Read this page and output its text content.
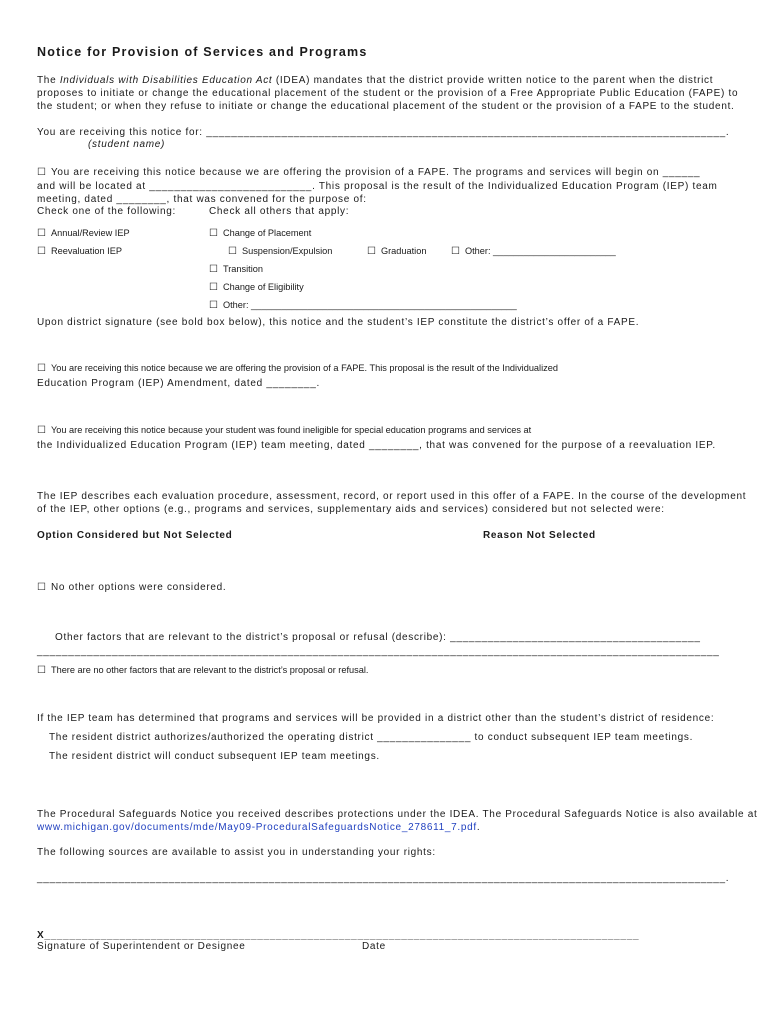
Notice for Provision of Services and Programs
The Individuals with Disabilities Education Act (IDEA) mandates that the district provide written notice to the parent when the district
proposes to initiate or change the educational placement of the student or the provision of a Free Appropriate Public Education (FAPE) to
the student; or when they refuse to initiate or change the educational placement of the student or the provision of a FAPE to the student.
You are receiving this notice for: ___________________________________________________________________________________.
(student name)
☐ You are receiving this notice because we are offering the provision of a FAPE. The programs and services will begin on ______
and will be located at __________________________. This proposal is the result of the Individualized Education Program (IEP) team
meeting, dated ________, that was convened for the purpose of:
Check one of the following:	Check all others that apply:
☐ Annual/Review IEP	☐ Change of Placement
☐ Reevaluation IEP	☐ Suspension/Expulsion	☐ Graduation ☐ Other: ________________________
☐ Transition
☐ Change of Eligibility
☐ Other: ____________________________________________________
Upon district signature (see bold box below), this notice and the student’s IEP constitute the district’s offer of a FAPE.
☐ You are receiving this notice because we are offering the provision of a FAPE. This proposal is the result of the Individualized
Education Program (IEP) Amendment, dated ________.
☐ You are receiving this notice because your student was found ineligible for special education programs and services at
the Individualized Education Program (IEP) team meeting, dated ________, that was convened for the purpose of a reevaluation IEP.
The IEP describes each evaluation procedure, assessment, record, or report used in this offer of a FAPE. In the course of the development
of the IEP, other options (e.g., programs and services, supplementary aids and services) considered but not selected were:
Option Considered but Not Selected	Reason Not Selected
☐ No other options were considered.
Other factors that are relevant to the district’s proposal or refusal (describe): ________________________________________
_____________________________________________________________________________________________________________
☐ There are no other factors that are relevant to the district’s proposal or refusal.
If the IEP team has determined that programs and services will be provided in a district other than the student’s district of residence:
The resident district authorizes/authorized the operating district _______________ to conduct subsequent IEP team meetings.
The resident district will conduct subsequent IEP team meetings.
The Procedural Safeguards Notice you received describes protections under the IDEA. The Procedural Safeguards Notice is also available at
www.michigan.gov/documents/mde/May09-ProceduralSafeguardsNotice_278611_7.pdf.
The following sources are available to assist you in understanding your rights:
______________________________________________________________________________________________________________.
X_______________________________________________________________________________________________
Signature of Superintendent or Designee	Date
